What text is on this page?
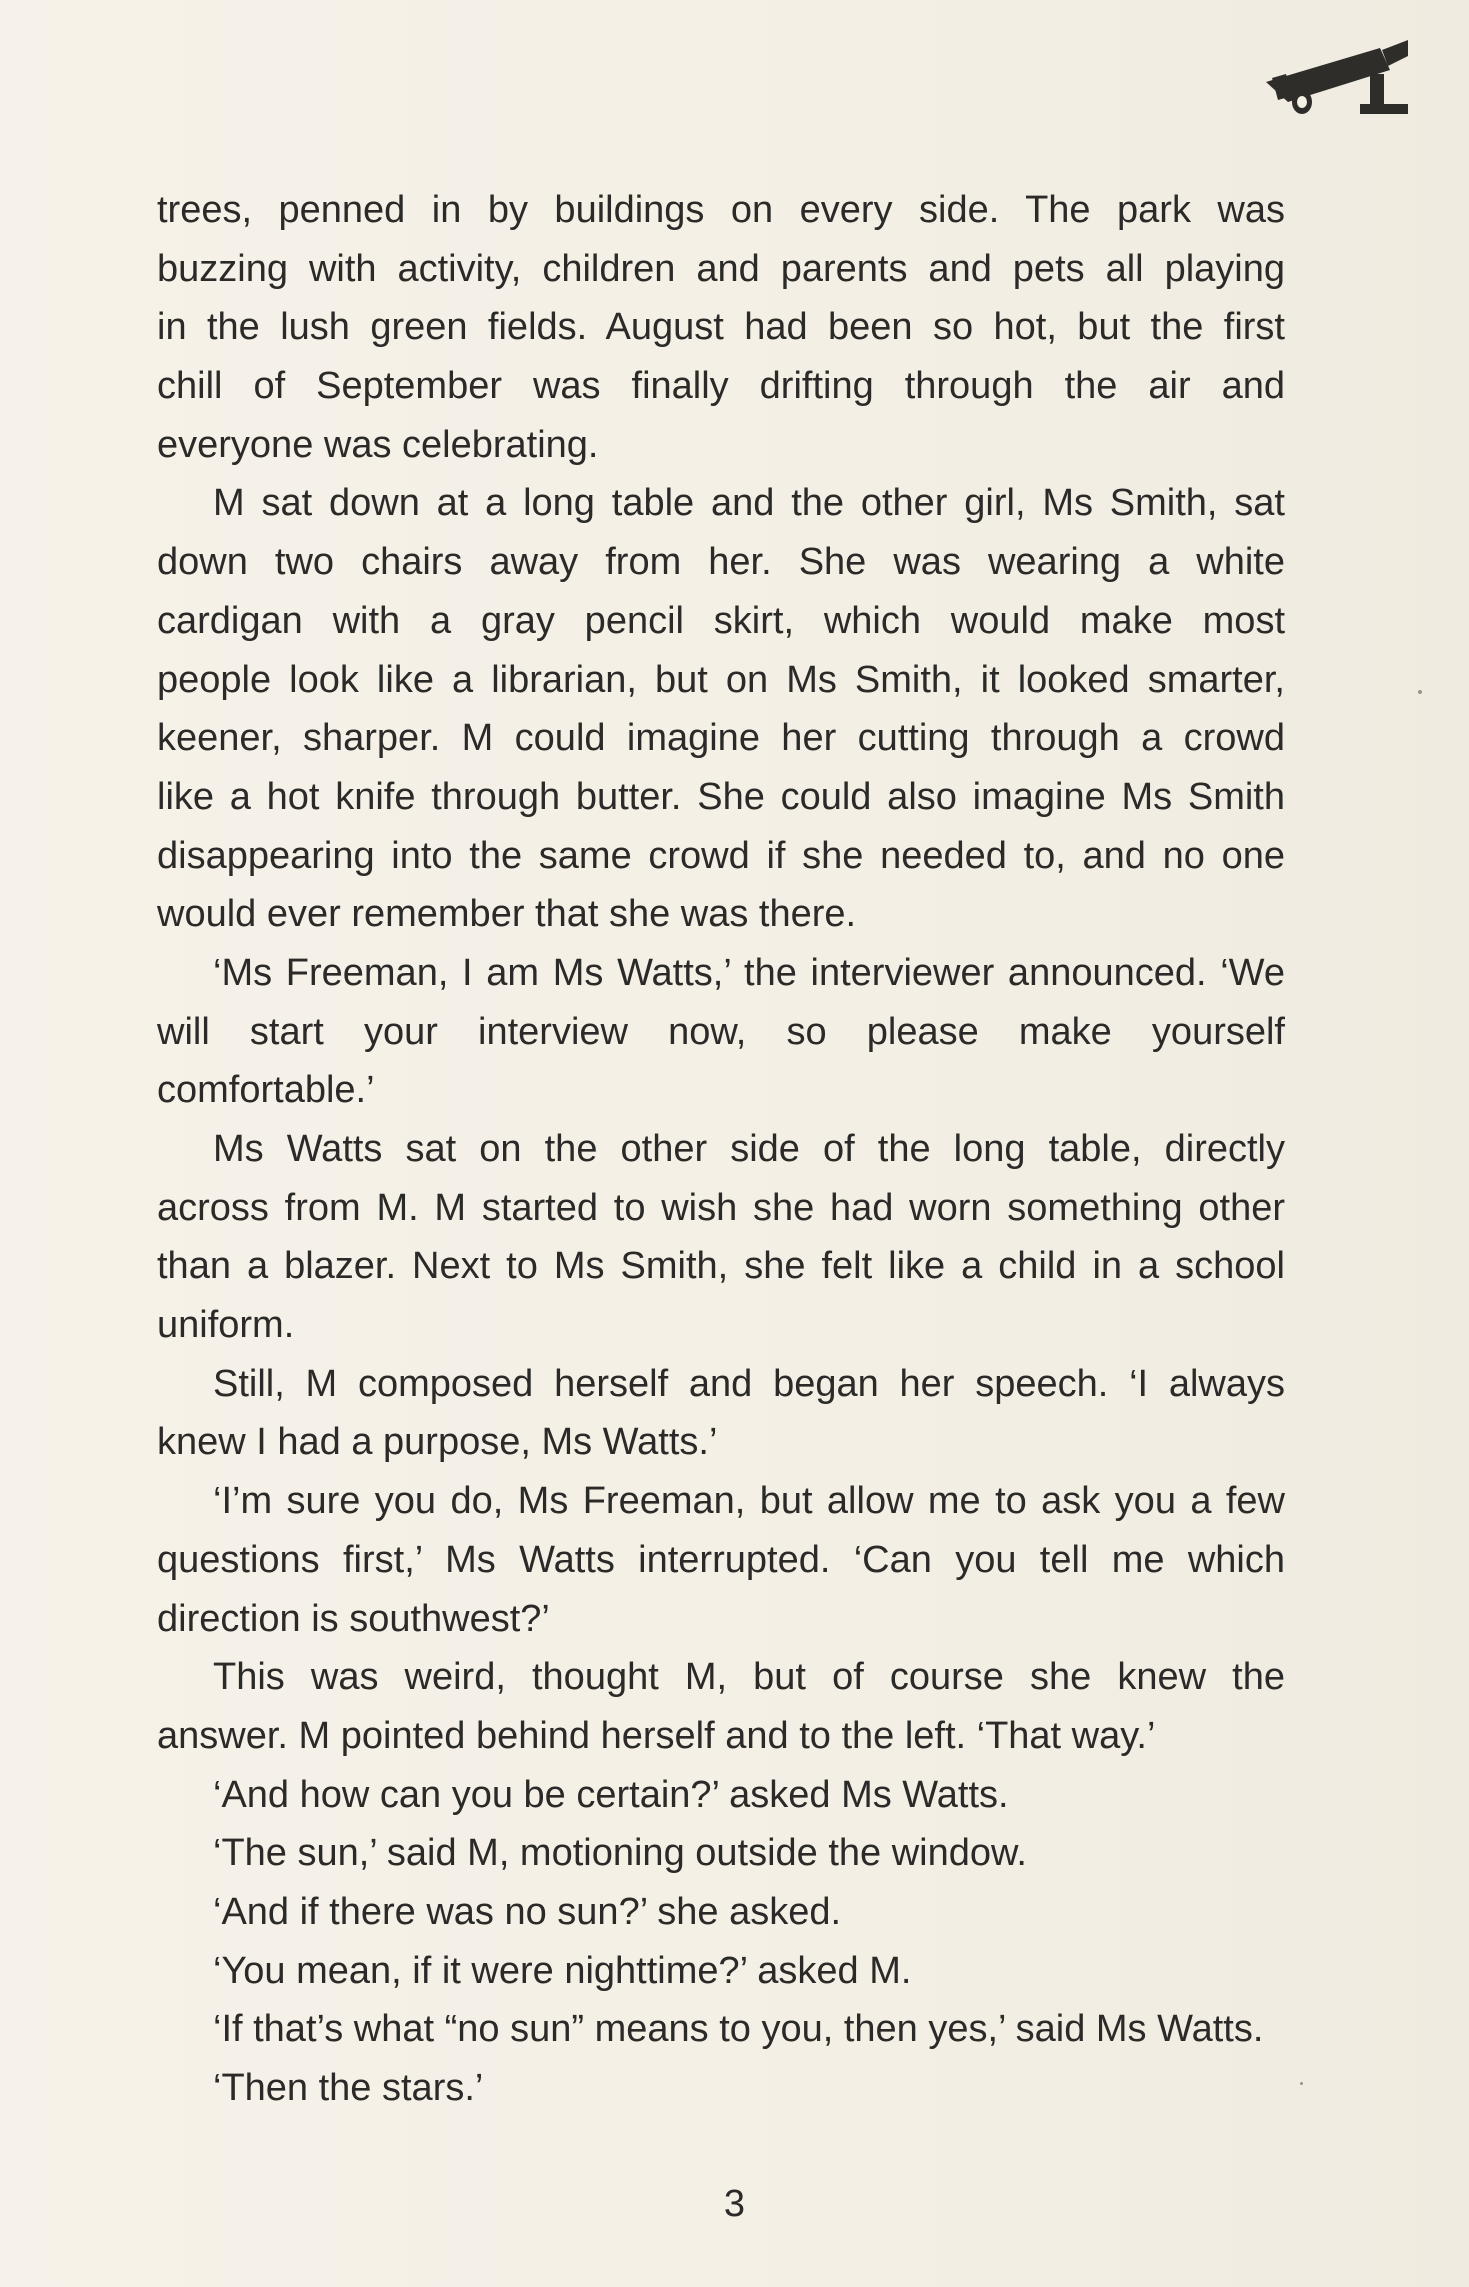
trees, penned in by buildings on every side. The park was
buzzing with activity, children and parents and pets all playing
in the lush green fields. August had been so hot, but the first
chill of September was finally drifting through the air and
everyone was celebrating.
M sat down at a long table and the other girl, Ms Smith, sat
down two chairs away from her. She was wearing a white
cardigan with a gray pencil skirt, which would make most
people look like a librarian, but on Ms Smith, it looked smarter,
keener, sharper. M could imagine her cutting through a crowd
like a hot knife through butter. She could also imagine Ms Smith
disappearing into the same crowd if she needed to, and no one
would ever remember that she was there.
‘Ms Freeman, I am Ms Watts,’ the interviewer announced. ‘We
will start your interview now, so please make yourself
comfortable.’
Ms Watts sat on the other side of the long table, directly
across from M. M started to wish she had worn something other
than a blazer. Next to Ms Smith, she felt like a child in a school
uniform.
Still, M composed herself and began her speech. ‘I always
knew I had a purpose, Ms Watts.’
‘I’m sure you do, Ms Freeman, but allow me to ask you a few
questions first,’ Ms Watts interrupted. ‘Can you tell me which
direction is southwest?’
This was weird, thought M, but of course she knew the
answer. M pointed behind herself and to the left. ‘That way.’
‘And how can you be certain?’ asked Ms Watts.
‘The sun,’ said M, motioning outside the window.
‘And if there was no sun?’ she asked.
‘You mean, if it were nighttime?’ asked M.
‘If that’s what “no sun” means to you, then yes,’ said Ms Watts.
‘Then the stars.’
3
